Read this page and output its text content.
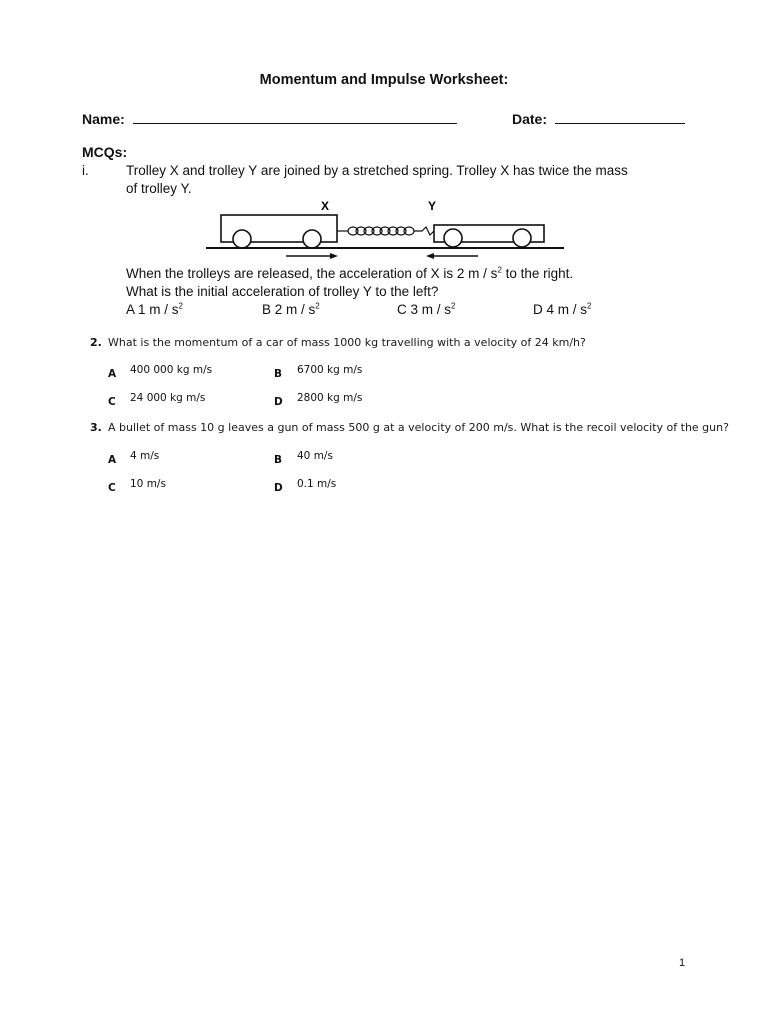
Momentum and Impulse Worksheet:
Name:	Date:
MCQs:
i.	Trolley X and trolley Y are joined by a stretched spring. Trolley X has twice the mass
of trolley Y.
X	Y
When the trolleys are released, the acceleration of X is 2 m / $s^2$ to the right.
What is the initial acceleration of trolley Y to the left?
A 1 m / $s^2$	B 2 m / $s^2$	C 3 m / $s^2$	D 4 m / $s^2$
2. What is the momentum of a car of mass 1000 kg travelling with a velocity of 24 km/h?
A 400 000 kg m/s	B 6700 kg m/s
C 24 000 kg m/s	D 2800 kg m/s
3. A bullet of mass 10 g leaves a gun of mass 500 g at a velocity of 200 m/s. What is the recoil velocity of the gun?
A 4 m/s	B 40 m/s
C 10 m/s	D 0.1 m/s
1
